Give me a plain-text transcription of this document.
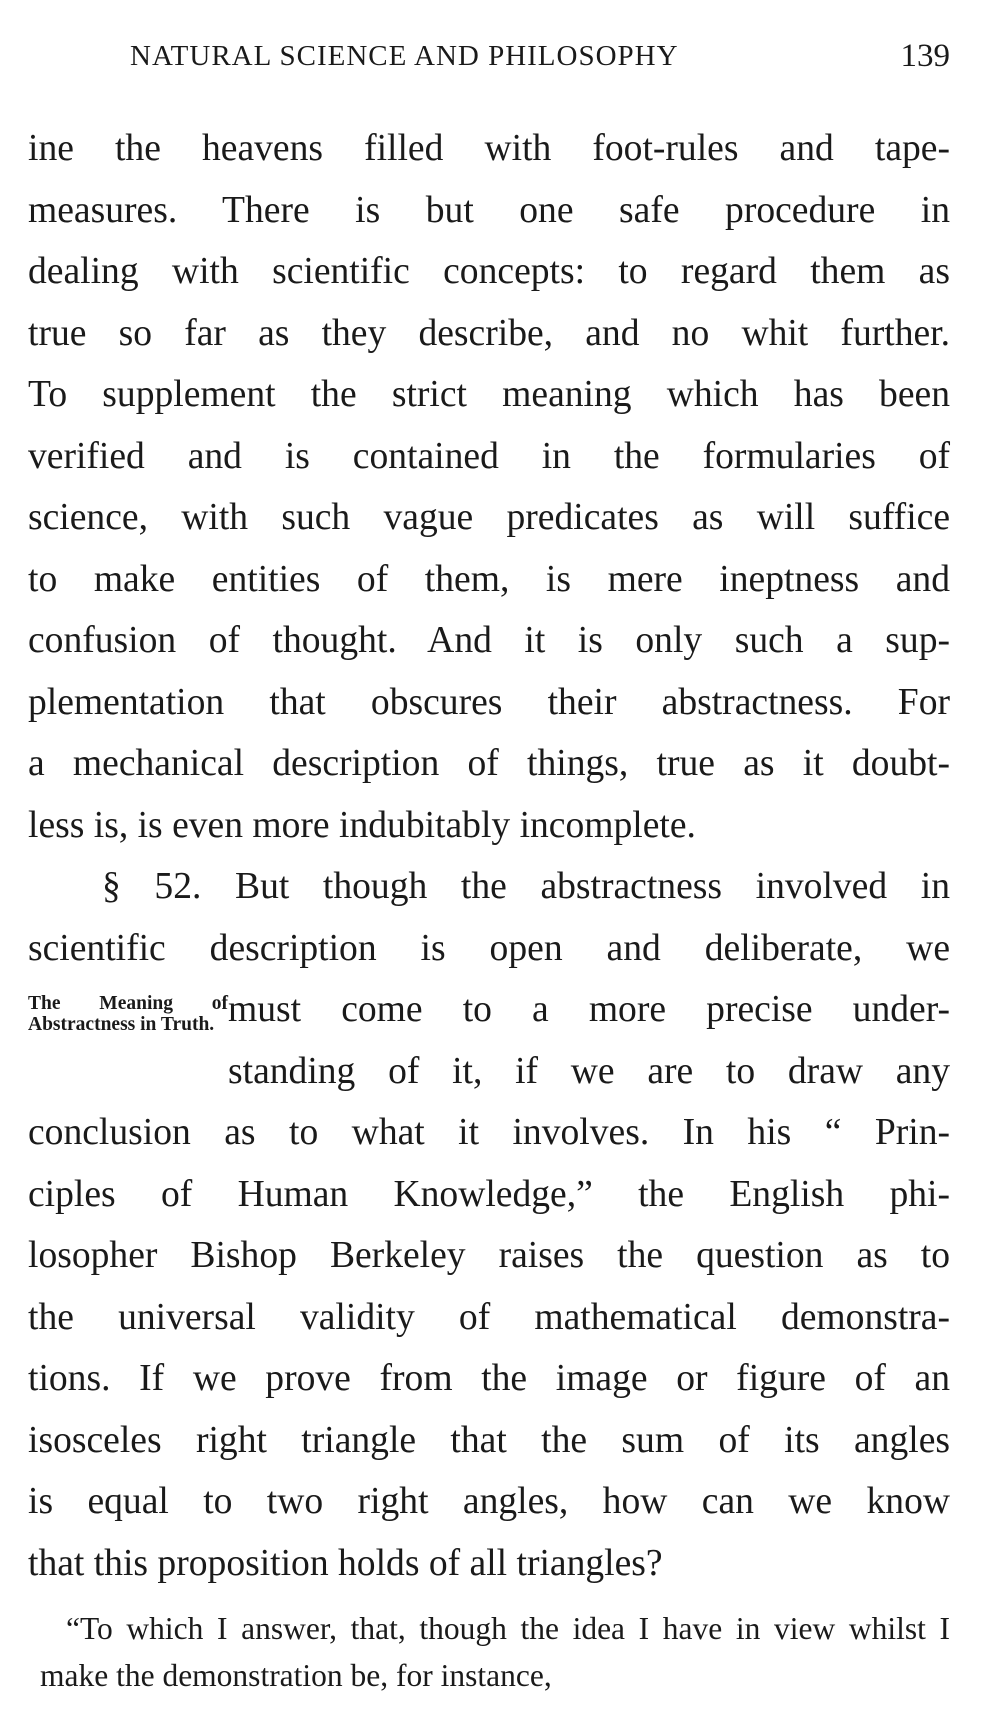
NATURAL SCIENCE AND PHILOSOPHY	139
ine the heavens filled with foot-rules and tape-
measures. There is but one safe procedure in
dealing with scientific concepts: to regard them as
true so far as they describe, and no whit further.
To supplement the strict meaning which has been
verified and is contained in the formularies of
science, with such vague predicates as will suffice
to make entities of them, is mere ineptness and
confusion of thought. And it is only such a sup-
plementation that obscures their abstractness. For
a mechanical description of things, true as it doubt-
less is, is even more indubitably incomplete.
§ 52. But though the abstractness involved in
scientific description is open and deliberate, we
The Meaning of Abstractness in Truth. must come to a more precise under-
standing of it, if we are to draw any
conclusion as to what it involves. In his “ Prin-
ciples of Human Knowledge,” the English phi-
losopher Bishop Berkeley raises the question as to
the universal validity of mathematical demonstra-
tions. If we prove from the image or figure of an
isosceles right triangle that the sum of its angles
is equal to two right angles, how can we know
that this proposition holds of all triangles?
“To which I answer, that, though the idea I have in view whilst I make the demonstration be, for instance,
